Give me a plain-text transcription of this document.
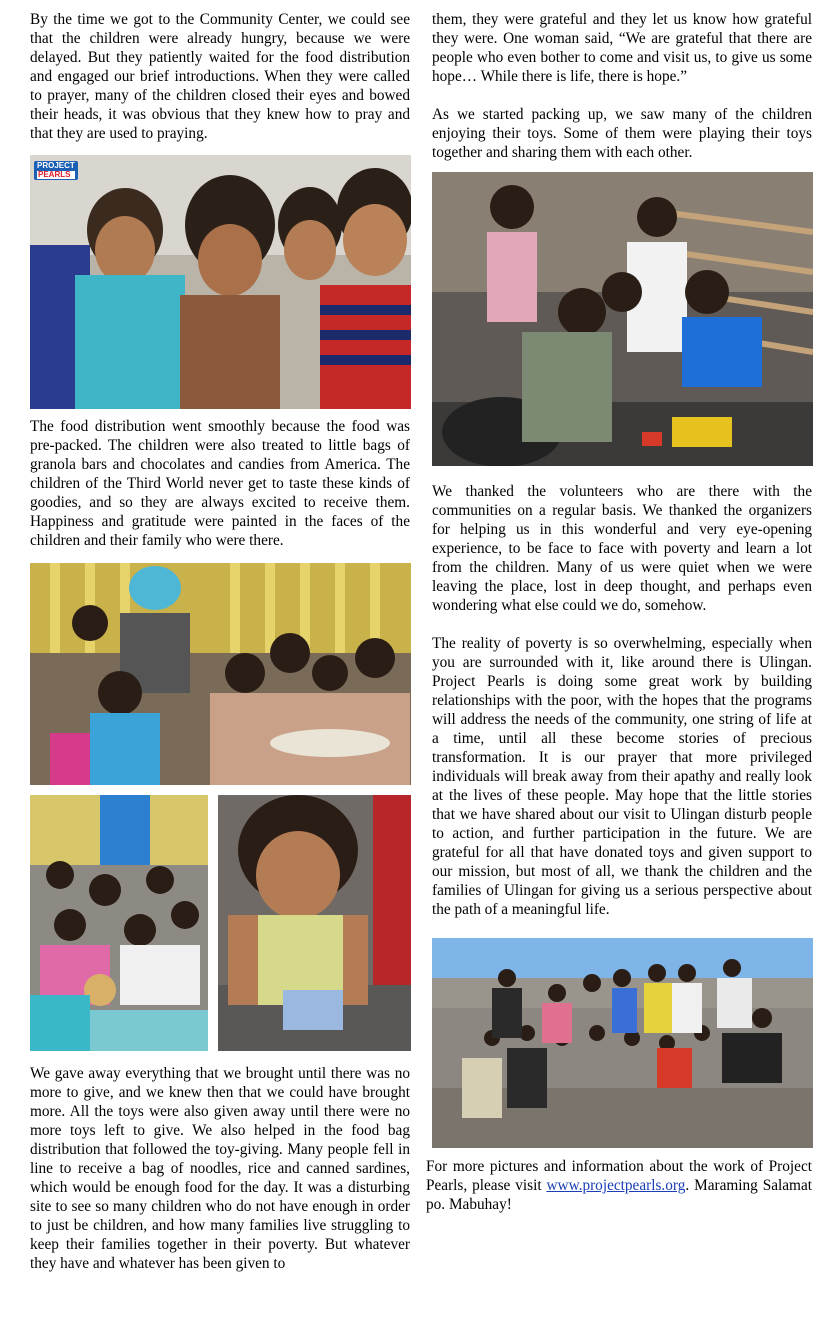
By the time we got to the Community Center, we could see that the children were already hungry, because we were delayed. But they patiently waited for the food distribution and engaged our brief introductions. When they were called to prayer, many of the children closed their eyes and bowed their heads, it was obvious that they knew how to pray and that they are used to praying.

PROJECT
PEARLS

The food distribution went smoothly because the food was pre-packed. The children were also treated to little bags of granola bars and chocolates and candies from America. The children of the Third World never get to taste these kinds of goodies, and so they are always excited to receive them. Happiness and gratitude were painted in the faces of the children and their family who were there.

We gave away everything that we brought until there was no more to give, and we knew then that we could have brought more. All the toys were also given away until there were no more toys left to give. We also helped in the food bag distribution that followed the toy-giving. Many people fell in line to receive a bag of noodles, rice and canned sardines, which would be enough food for the day. It was a disturbing site to see so many children who do not have enough in order to just be children, and how many families live struggling to keep their families together in their poverty. But whatever they have and whatever has been given to

them, they were grateful and they let us know how grateful they were. One woman said, “We are grateful that there are people who even bother to come and visit us, to give us some hope… While there is life, there is hope.”

As we started packing up, we saw many of the children enjoying their toys. Some of them were playing their toys together and sharing them with each other.

We thanked the volunteers who are there with the communities on a regular basis. We thanked the organizers for helping us in this wonderful and very eye-opening experience, to be face to face with poverty and learn a lot from the children. Many of us were quiet when we were leaving the place, lost in deep thought, and perhaps even wondering what else could we do, somehow.

The reality of poverty is so overwhelming, especially when you are surrounded with it, like around there is Ulingan. Project Pearls is doing some great work by building relationships with the poor, with the hopes that the programs will address the needs of the community, one string of life at a time, until all these become stories of precious transformation. It is our prayer that more privileged individuals will break away from their apathy and really look at the lives of these people. May hope that the little stories that we have shared about our visit to Ulingan disturb people to action, and further participation in the future. We are grateful for all that have donated toys and given support to our mission, but most of all, we thank the children and the families of Ulingan for giving us a serious perspective about the path of a meaningful life.

For more pictures and information about the work of Project Pearls, please visit www.projectpearls.org. Maraming Salamat po. Mabuhay!
